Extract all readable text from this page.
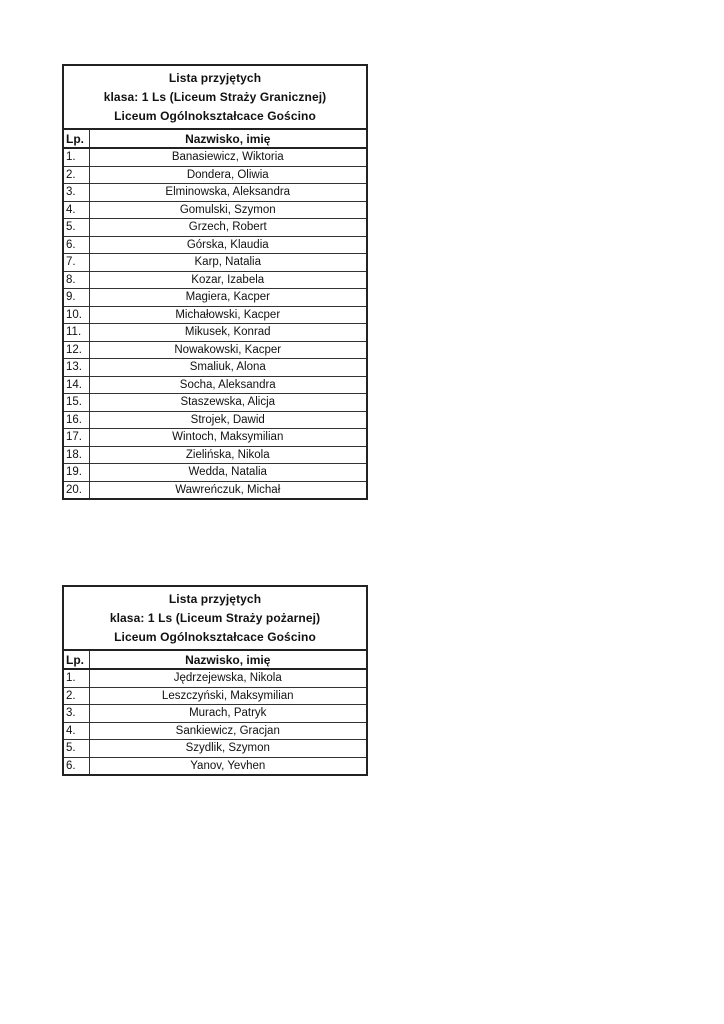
Lista przyjętych
klasa: 1 Ls (Liceum Straży Granicznej)
Liceum Ogólnokształcace Gościno
Lp.	Nazwisko, imię
1.	Banasiewicz, Wiktoria
2.	Dondera, Oliwia
3.	Elminowska, Aleksandra
4.	Gomulski, Szymon
5.	Grzech, Robert
6.	Górska, Klaudia
7.	Karp, Natalia
8.	Kozar, Izabela
9.	Magiera, Kacper
10.	Michałowski, Kacper
11.	Mikusek, Konrad
12.	Nowakowski, Kacper
13.	Smaliuk, Alona
14.	Socha, Aleksandra
15.	Staszewska, Alicja
16.	Strojek, Dawid
17.	Wintoch, Maksymilian
18.	Zielińska, Nikola
19.	Wedda, Natalia
20.	Wawreńczuk, Michał
Lista przyjętych
klasa: 1 Ls (Liceum Straży pożarnej)
Liceum Ogólnokształcace Gościno
Lp.	Nazwisko, imię
1.	Jędrzejewska, Nikola
2.	Leszczyński, Maksymilian
3.	Murach, Patryk
4.	Sankiewicz, Gracjan
5.	Szydlik, Szymon
6.	Yanov, Yevhen
